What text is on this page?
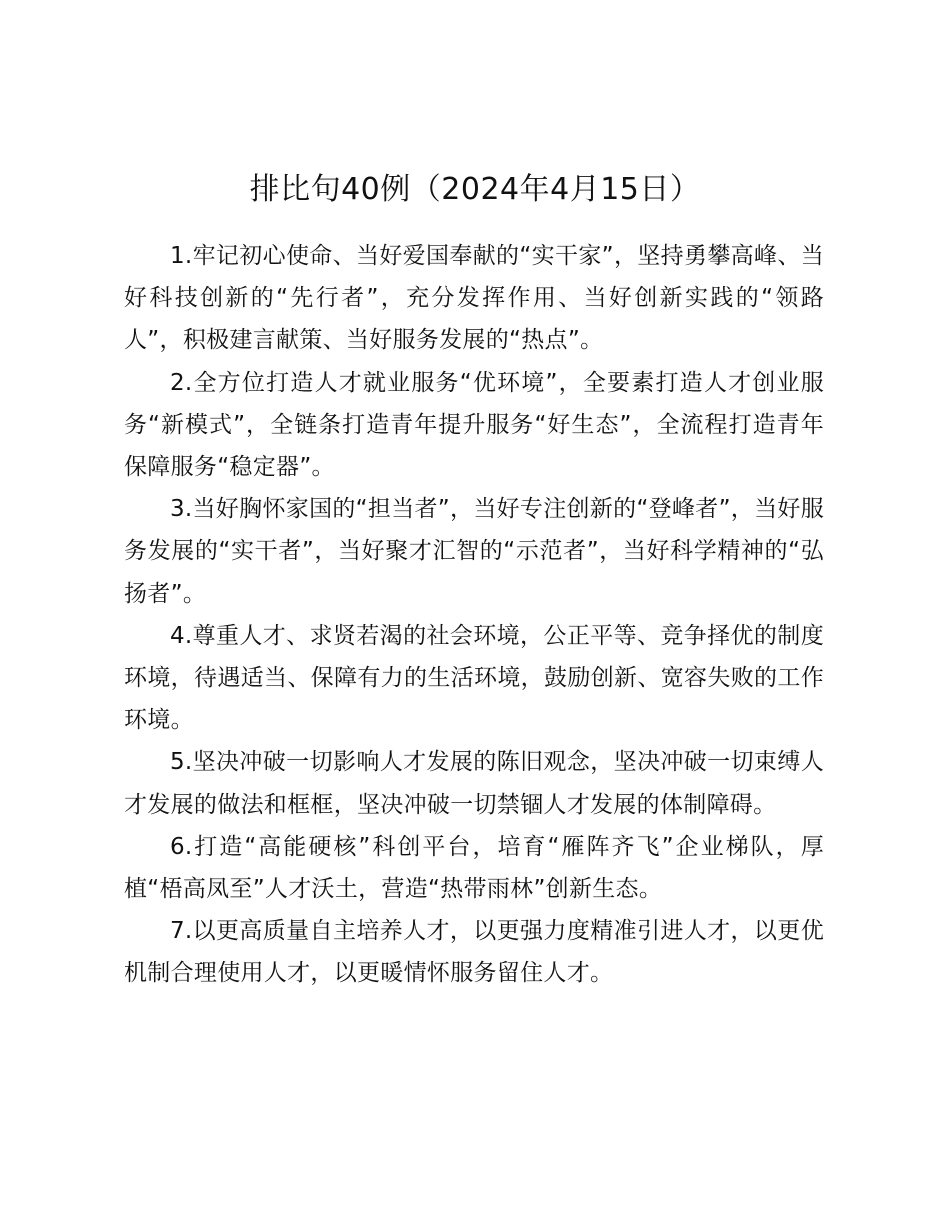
排比句40例（2024年4月15日）

1.牢记初心使命、当好爱国奉献的“实干家”，坚持勇攀高峰、当好科技创新的“先行者”，充分发挥作用、当好创新实践的“领路人”，积极建言献策、当好服务发展的“热点”。

2.全方位打造人才就业服务“优环境”，全要素打造人才创业服务“新模式”，全链条打造青年提升服务“好生态”，全流程打造青年保障服务“稳定器”。

3.当好胸怀家国的“担当者”，当好专注创新的“登峰者”，当好服务发展的“实干者”，当好聚才汇智的“示范者”，当好科学精神的“弘扬者”。

4.尊重人才、求贤若渴的社会环境，公正平等、竞争择优的制度环境，待遇适当、保障有力的生活环境，鼓励创新、宽容失败的工作环境。

5.坚决冲破一切影响人才发展的陈旧观念，坚决冲破一切束缚人才发展的做法和框框，坚决冲破一切禁锢人才发展的体制障碍。

6.打造“高能硬核”科创平台，培育“雁阵齐飞”企业梯队，厚植“梧高凤至”人才沃土，营造“热带雨林”创新生态。

7.以更高质量自主培养人才，以更强力度精准引进人才，以更优机制合理使用人才，以更暖情怀服务留住人才。
